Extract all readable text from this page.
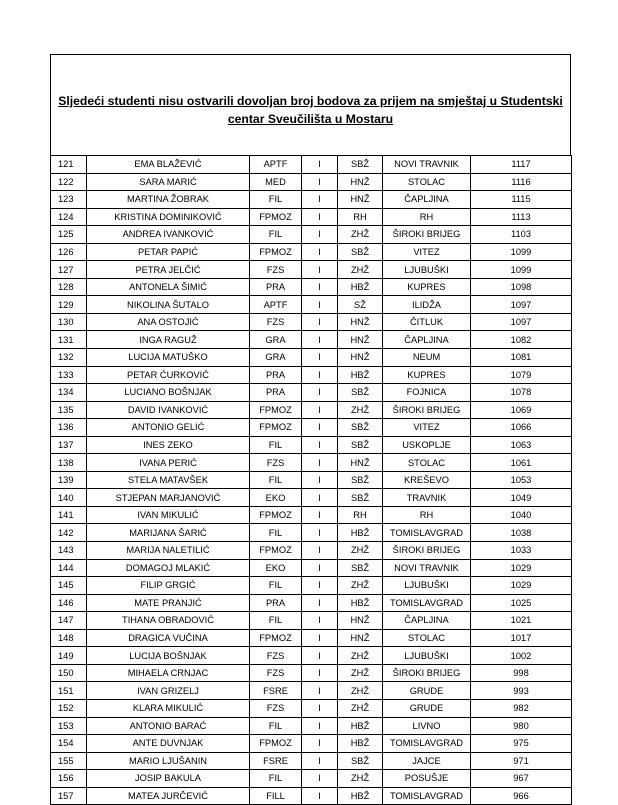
Sljedeći studenti nisu ostvarili dovoljan broj bodova za prijem na smještaj u Studentski
centar Sveučilišta u Mostaru
121	EMA BLAŽEVIĆ	APTF	I	SBŽ	NOVI TRAVNIK	1117
122	SARA MARIĆ	MED	I	HNŽ	STOLAC	1116
123	MARTINA ŽOBRAK	FIL	I	HNŽ	ČAPLJINA	1115
124	KRISTINA DOMINIKOVIĆ	FPMOZ	I	RH	RH	1113
125	ANDREA IVANKOVIĆ	FIL	I	ZHŽ	ŠIROKI BRIJEG	1103
126	PETAR PAPIĆ	FPMOZ	I	SBŽ	VITEZ	1099
127	PETRA JELČIĆ	FZS	I	ZHŽ	LJUBUŠKI	1099
128	ANTONELA ŠIMIĆ	PRA	I	HBŽ	KUPRES	1098
129	NIKOLINA ŠUTALO	APTF	I	SŽ	ILIDŽA	1097
130	ANA OSTOJIĆ	FZS	I	HNŽ	ČITLUK	1097
131	INGA RAGUŽ	GRA	I	HNŽ	ČAPLJINA	1082
132	LUCIJA MATUŠKO	GRA	I	HNŽ	NEUM	1081
133	PETAR ĆURKOVIĆ	PRA	I	HBŽ	KUPRES	1079
134	LUCIANO BOŠNJAK	PRA	I	SBŽ	FOJNICA	1078
135	DAVID IVANKOVIĆ	FPMOZ	I	ZHŽ	ŠIROKI BRIJEG	1069
136	ANTONIO GELIĆ	FPMOZ	I	SBŽ	VITEZ	1066
137	INES ZEKO	FIL	I	SBŽ	USKOPLJE	1063
138	IVANA PERIĆ	FZS	I	HNŽ	STOLAC	1061
139	STELA MATAVŠEK	FIL	I	SBŽ	KREŠEVO	1053
140	STJEPAN MARJANOVIĆ	EKO	I	SBŽ	TRAVNIK	1049
141	IVAN MIKULIĆ	FPMOZ	I	RH	RH	1040
142	MARIJANA ŠARIĆ	FIL	I	HBŽ	TOMISLAVGRAD	1038
143	MARIJA NALETILIĆ	FPMOZ	I	ZHŽ	ŠIROKI BRIJEG	1033
144	DOMAGOJ MLAKIĆ	EKO	I	SBŽ	NOVI TRAVNIK	1029
145	FILIP GRGIĆ	FIL	I	ZHŽ	LJUBUŠKI	1029
146	MATE PRANJIĆ	PRA	I	HBŽ	TOMISLAVGRAD	1025
147	TIHANA OBRADOVIĆ	FIL	I	HNŽ	ČAPLJINA	1021
148	DRAGICA VUČINA	FPMOZ	I	HNŽ	STOLAC	1017
149	LUCIJA BOŠNJAK	FZS	I	ZHŽ	LJUBUŠKI	1002
150	MIHAELA CRNJAC	FZS	I	ZHŽ	ŠIROKI BRIJEG	998
151	IVAN GRIZELJ	FSRE	I	ZHŽ	GRUDE	993
152	KLARA MIKULIĆ	FZS	I	ZHŽ	GRUDE	982
153	ANTONIO BARAĆ	FIL	I	HBŽ	LIVNO	980
154	ANTE DUVNJAK	FPMOZ	I	HBŽ	TOMISLAVGRAD	975
155	MARIO LJUŠANIN	FSRE	I	SBŽ	JAJCE	971
156	JOSIP BAKULA	FIL	I	ZHŽ	POSUŠJE	967
157	MATEA JURČEVIĆ	FILL	I	HBŽ	TOMISLAVGRAD	966
